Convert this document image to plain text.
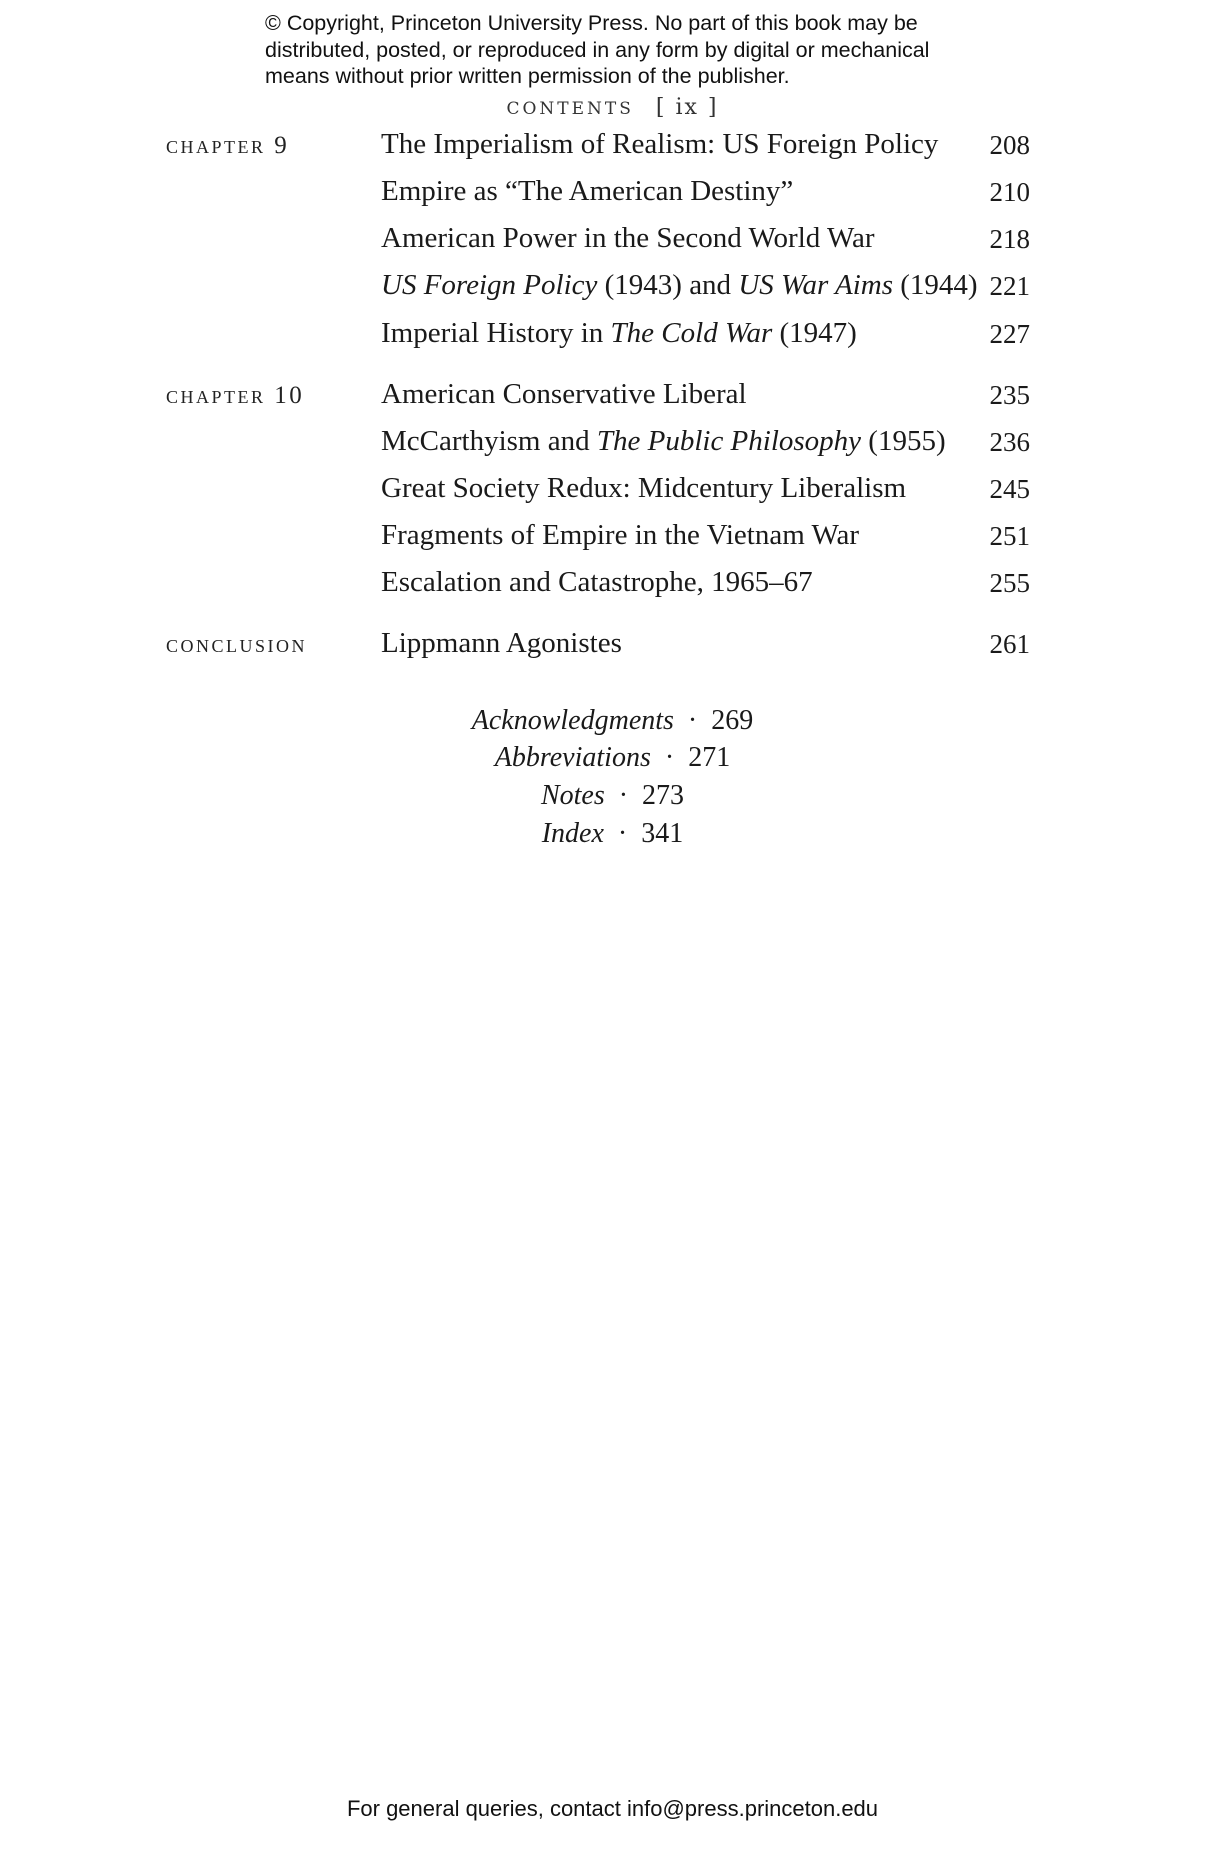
© Copyright, Princeton University Press. No part of this book may be
distributed, posted, or reproduced in any form by digital or mechanical
means without prior written permission of the publisher.
contents [ ix ]
chapter 9	The Imperialism of Realism: US Foreign Policy 208
Empire as “The American Destiny”	210
American Power in the Second World War	218
US Foreign Policy (1943) and US War Aims (1944) 221
Imperial History in The Cold War (1947)	227
chapter 10	American Conservative Liberal	235
McCarthyism and The Public Philosophy (1955) 236
Great Society Redux: Midcentury Liberalism	245
Fragments of Empire in the Vietnam War	251
Escalation and Catastrophe, 1965–67	255
conclusion	Lippmann Agonistes	261
Acknowledgments · 269
Abbreviations · 271
Notes · 273
Index · 341
For general queries, contact info@press.princeton.edu
